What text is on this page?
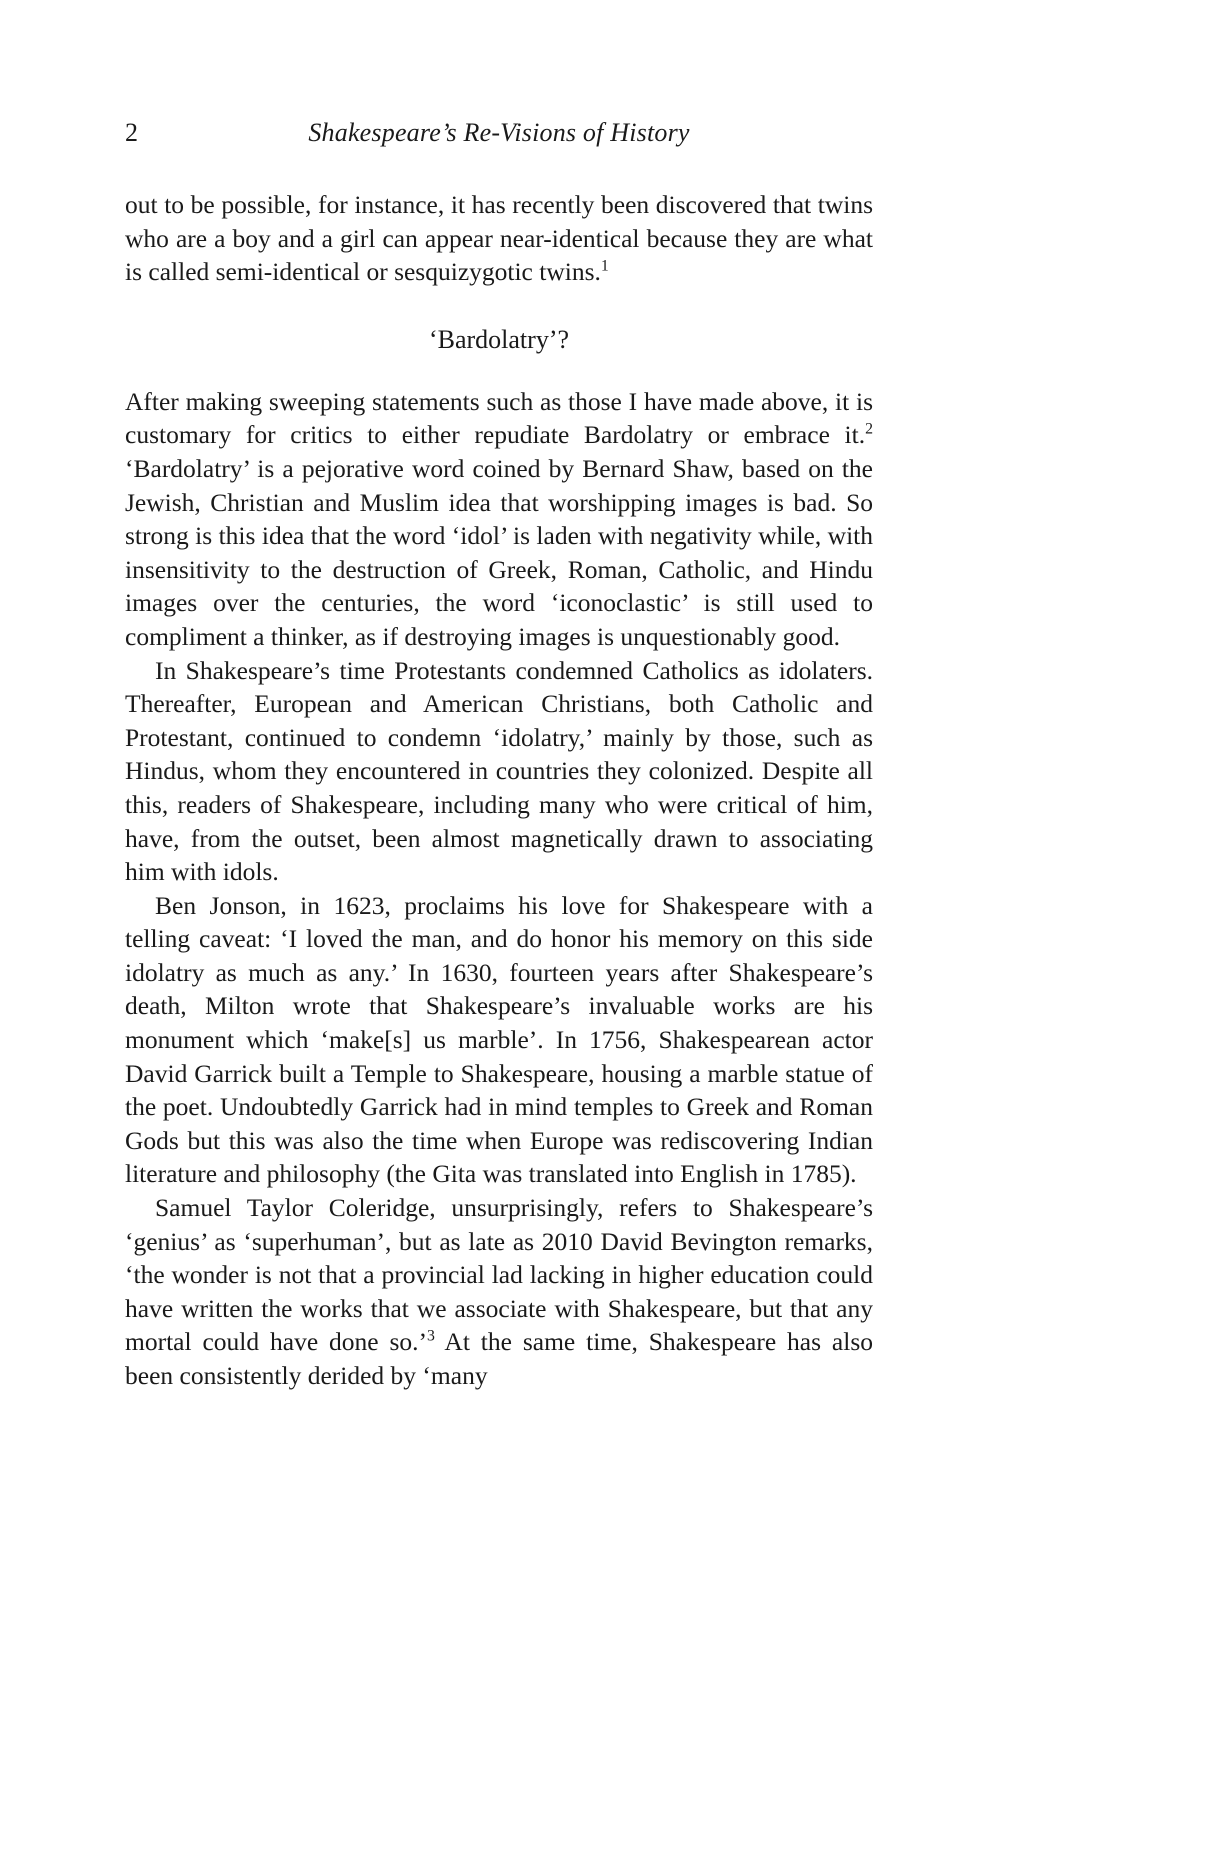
2	Shakespeare’s Re-Visions of History

out to be possible, for instance, it has recently been discovered that twins who are a boy and a girl can appear near-identical because they are what is called semi-identical or sesquizygotic twins.$^1$

‘Bardolatry’?

After making sweeping statements such as those I have made above, it is customary for critics to either repudiate Bardolatry or embrace it.$^2$ ‘Bardolatry’ is a pejorative word coined by Bernard Shaw, based on the Jewish, Christian and Muslim idea that worshipping images is bad. So strong is this idea that the word ‘idol’ is laden with negativity while, with insensitivity to the destruction of Greek, Roman, Catholic, and Hindu images over the centuries, the word ‘iconoclastic’ is still used to compliment a thinker, as if destroying images is unquestionably good.

In Shakespeare’s time Protestants condemned Catholics as idolaters. Thereafter, European and American Christians, both Catholic and Protestant, continued to condemn ‘idolatry,’ mainly by those, such as Hindus, whom they encountered in countries they colonized. Despite all this, readers of Shakespeare, including many who were critical of him, have, from the outset, been almost magnetically drawn to associating him with idols.

Ben Jonson, in 1623, proclaims his love for Shakespeare with a telling caveat: ‘I loved the man, and do honor his memory on this side idolatry as much as any.’ In 1630, fourteen years after Shakespeare’s death, Milton wrote that Shakespeare’s invaluable works are his monument which ‘make[s] us marble’. In 1756, Shakespearean actor David Garrick built a Temple to Shakespeare, housing a marble statue of the poet. Undoubtedly Garrick had in mind temples to Greek and Roman Gods but this was also the time when Europe was rediscovering Indian literature and philosophy (the Gita was translated into English in 1785).

Samuel Taylor Coleridge, unsurprisingly, refers to Shakespeare’s ‘genius’ as ‘superhuman’, but as late as 2010 David Bevington remarks, ‘the wonder is not that a provincial lad lacking in higher education could have written the works that we associate with Shakespeare, but that any mortal could have done so.’$^3$ At the same time, Shakespeare has also been consistently derided by ‘many
